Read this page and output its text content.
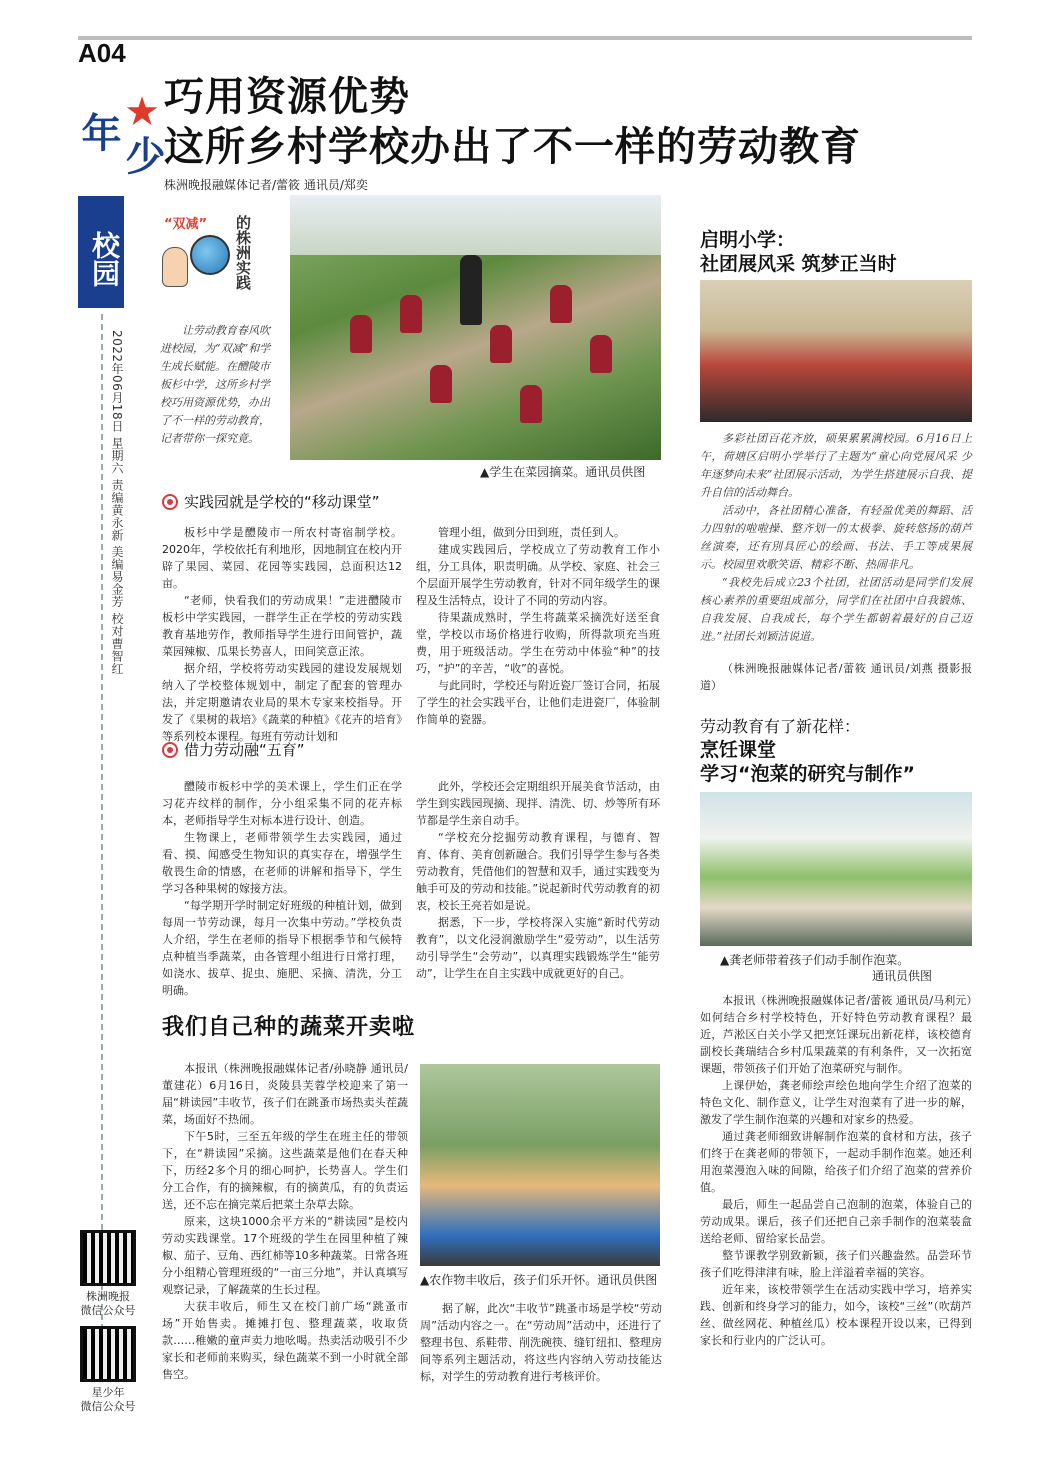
A04
★少年
校园
2022年06月18日 星期六 责编黄永新 美编易金芳 校对曹智红
株洲晚报
微信公众号
星少年
微信公众号
巧用资源优势
这所乡村学校办出了不一样的劳动教育
株洲晚报融媒体记者/蕾筱 通讯员/郑奕
“双减” 的株洲实践
让劳动教育春风吹进校园，为“双减”和学生成长赋能。在醴陵市板杉中学，这所乡村学校巧用资源优势，办出了不一样的劳动教育，记者带你一探究竟。
▲学生在菜园摘菜。通讯员供图
实践园就是学校的“移动课堂”

板杉中学是醴陵市一所农村寄宿制学校。2020年，学校依托有利地形，因地制宜在校内开辟了果园、菜园、花园等实践园，总面积达12亩。

“老师，快看我们的劳动成果！”走进醴陵市板杉中学实践园，一群学生正在学校的劳动实践教育基地劳作，教师指导学生进行田间管护，蔬菜园辣椒、瓜果长势喜人，田间笑意正浓。

据介绍，学校将劳动实践园的建设发展规划纳入了学校整体规划中，制定了配套的管理办法，并定期邀请农业局的果木专家来校指导。开发了《果树的栽培》《蔬菜的种植》《花卉的培育》等系列校本课程。每班有劳动计划和

管理小组，做到分田到班，责任到人。

建成实践园后，学校成立了劳动教育工作小组，分工具体，职责明确。从学校、家庭、社会三个层面开展学生劳动教育，针对不同年级学生的课程及生活特点，设计了不同的劳动内容。

待果蔬成熟时，学生将蔬菜采摘洗好送至食堂，学校以市场价格进行收购，所得款项充当班费，用于班级活动。学生在劳动中体验“种”的技巧，“护”的辛苦，“收”的喜悦。

与此同时，学校还与附近瓷厂签订合同，拓展了学生的社会实践平台，让他们走进瓷厂，体验制作简单的瓷器。

借力劳动融“五育”

醴陵市板杉中学的美术课上，学生们正在学习花卉纹样的制作，分小组采集不同的花卉标本，老师指导学生对标本进行设计、创造。

生物课上，老师带领学生去实践园，通过看、摸、闻感受生物知识的真实存在，增强学生敬畏生命的情感，在老师的讲解和指导下，学生学习各种果树的嫁接方法。

“每学期开学时制定好班级的种植计划，做到每周一节劳动课，每月一次集中劳动。”学校负责人介绍，学生在老师的指导下根据季节和气候特点种植当季蔬菜，由各管理小组进行日常打理，如浇水、拔草、捉虫、施肥、采摘、清洗，分工明确。

此外，学校还会定期组织开展美食节活动，由学生到实践园现摘、现拌、清洗、切、炒等所有环节都是学生亲自动手。

“学校充分挖掘劳动教育课程，与德育、智育、体育、美育创新融合。我们引导学生参与各类劳动教育，凭借他们的智慧和双手，通过实践变为触手可及的劳动和技能。”说起新时代劳动教育的初衷，校长王亮若如是说。

据悉，下一步，学校将深入实施“新时代劳动教育”，以文化浸润激励学生“爱劳动”，以生活劳动引导学生“会劳动”，以真理实践锻炼学生“能劳动”，让学生在自主实践中成就更好的自己。

我们自己种的蔬菜开卖啦

本报讯（株洲晚报融媒体记者/孙晓静 通讯员/董建花）6月16日，炎陵县芙蓉学校迎来了第一届“耕读园”丰收节，孩子们在跳蚤市场热卖头茬蔬菜，场面好不热闹。

下午5时，三至五年级的学生在班主任的带领下，在“耕读园”采摘。这些蔬菜是他们在春天种下，历经2多个月的细心呵护，长势喜人。学生们分工合作，有的摘辣椒，有的摘黄瓜，有的负责运送，还不忘在摘完菜后把菜土杂草去除。

原来，这块1000余平方米的“耕读园”是校内劳动实践课堂。17个班级的学生在园里种植了辣椒、茄子、豆角、西红柿等10多种蔬菜。日常各班分小组精心管理班级的“一亩三分地”，并认真填写观察记录，了解蔬菜的生长过程。

大获丰收后，师生又在校门前广场“跳蚤市场”开始售卖。摊摊打包、整理蔬菜，收取货款……稚嫩的童声卖力地吆喝。热卖活动吸引不少家长和老师前来购买，绿色蔬菜不到一小时就全部售空。

▲农作物丰收后，孩子们乐开怀。通讯员供图

据了解，此次“丰收节”跳蚤市场是学校“劳动周”活动内容之一。在“劳动周”活动中，还进行了整理书包、系鞋带、削洗碗筷、缝钉纽扣、整理房间等系列主题活动，将这些内容纳入劳动技能达标，对学生的劳动教育进行考核评价。

启明小学：
社团展风采 筑梦正当时

多彩社团百花齐放，硕果累累满校园。6月16日上午，荷塘区启明小学举行了主题为“童心向党展风采 少年逐梦向未来”社团展示活动，为学生搭建展示自我、提升自信的活动舞台。

活动中，各社团精心准备，有轻盈优美的舞蹈、活力四射的啦啦操、整齐划一的太极拳、旋转悠扬的葫芦丝演奏，还有別具匠心的绘画、书法、手工等成果展示。校园里欢歌笑语、精彩不断、热闹非凡。

“我校先后成立23个社团，社团活动是同学们发展核心素养的重要组成部分，同学们在社团中自我锻炼、自我发展、自我成长，每个学生都朝着最好的自己迈进。”社团长刘颖洁说道。

（株洲晚报融媒体记者/蕾筱 通讯员/刘燕 摄影报道）
劳动教育有了新花样：
烹饪课堂
学习“泡菜的研究与制作”
▲龚老师带着孩子们动手制作泡菜。
通讯员供图

本报讯（株洲晚报融媒体记者/蕾筱 通讯员/马利元）如何结合乡村学校特色，开好特色劳动教育课程？最近，芦淞区白关小学又把烹饪课玩出新花样，该校德育副校长龚瑞结合乡村瓜果蔬菜的有利条件，又一次拓宽课题，带领孩子们开始了泡菜研究与制作。

上课伊始，龚老师绘声绘色地向学生介绍了泡菜的特色文化、制作意义，让学生对泡菜有了进一步的解，激发了学生制作泡菜的兴趣和对家乡的热爱。

通过龚老师细致讲解制作泡菜的食材和方法，孩子们终于在龚老师的带领下，一起动手制作泡菜。她还利用泡菜漫泡入味的间隙，给孩子们介绍了泡菜的营养价值。

最后，师生一起品尝自己泡制的泡菜，体验自己的劳动成果。课后，孩子们还把自己亲手制作的泡菜装盒送给老师、留给家长品尝。

整节课教学别致新颖，孩子们兴趣盎然。品尝环节孩子们吃得津津有味，脸上洋溢着幸福的笑容。

近年来，该校带领学生在活动实践中学习，培养实践、创新和终身学习的能力，如今，该校“三丝”（吹葫芦丝、做丝网花、种植丝瓜）校本课程开设以来，已得到家长和行业内的广泛认可。
